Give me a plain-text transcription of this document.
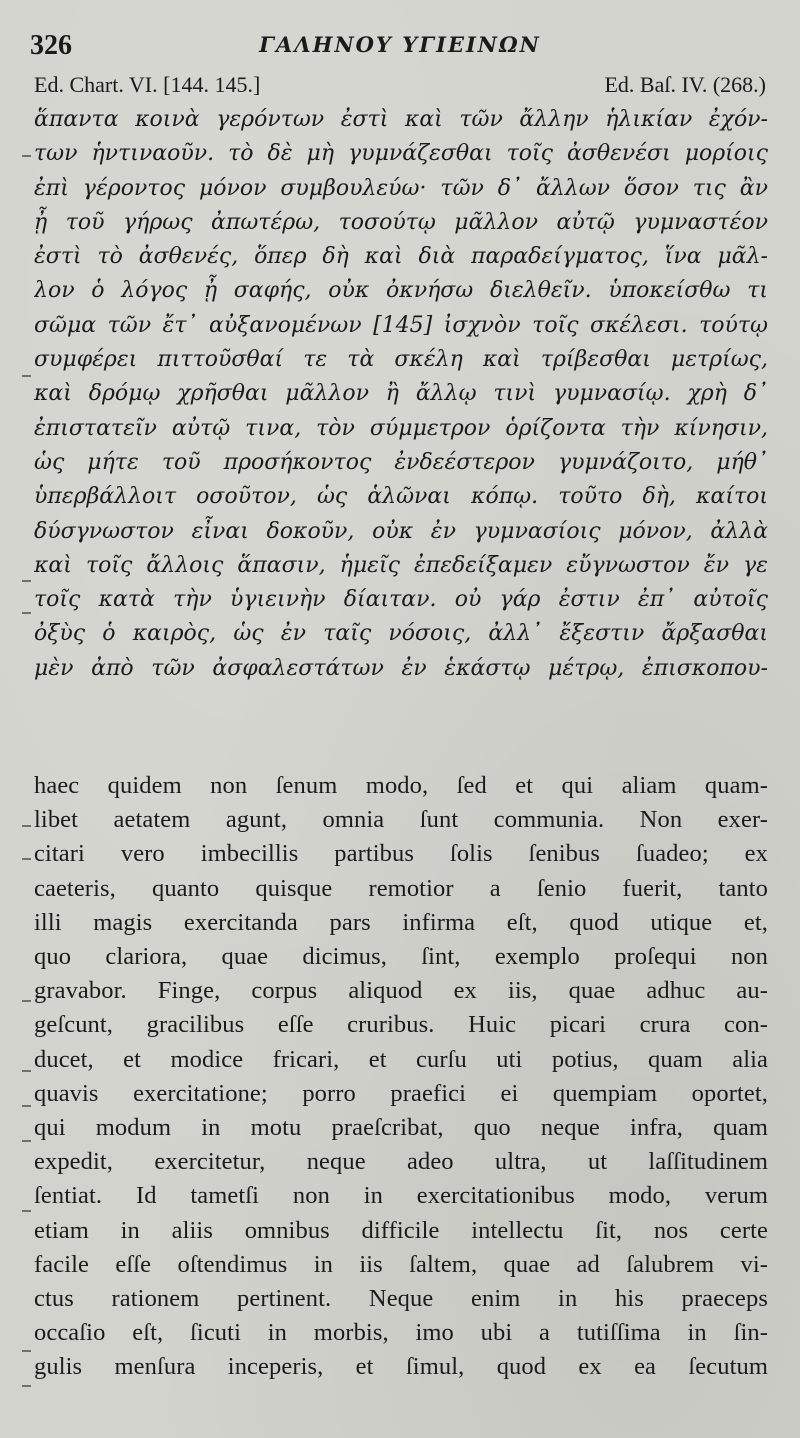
326	ΓΑΛΗΝΟΥ ΥΓΙΕΙΝΩΝ
Ed. Chart. VI. [144. 145.]	Ed. Baſ. IV. (268.)
ἅπαντα κοινὰ γερόντων ἐστὶ καὶ τῶν ἄλλην ἡλικίαν ἐχόν-
των ἡντιναοῦν. τὸ δὲ μὴ γυμνάζεσθαι τοῖς ἀσθενέσι μορίοις
ἐπὶ γέροντος μόνον συμβουλεύω· τῶν δ᾽ ἄλλων ὅσον τις ἂν
ᾖ τοῦ γήρως ἀπωτέρω, τοσούτῳ μᾶλλον αὐτῷ γυμναστέον
ἐστὶ τὸ ἀσθενές, ὅπερ δὴ καὶ διὰ παραδείγματος, ἵνα μᾶλ-
λον ὁ λόγος ᾖ σαφής, οὐκ ὀκνήσω διελθεῖν. ὑποκείσθω τι
σῶμα τῶν ἔτ᾽ αὐξανομένων [145] ἰσχνὸν τοῖς σκέλεσι. τούτῳ
συμφέρει πιττοῦσθαί τε τὰ σκέλη καὶ τρίβεσθαι μετρίως,
καὶ δρόμῳ χρῆσθαι μᾶλλον ἢ ἄλλῳ τινὶ γυμνασίῳ. χρὴ δ᾽
ἐπιστατεῖν αὐτῷ τινα, τὸν σύμμετρον ὁρίζοντα τὴν κίνησιν,
ὡς μήτε τοῦ προσήκοντος ἐνδεέστερον γυμνάζοιτο, μήθ᾽
ὑπερβάλλοιτ οσοῦτον, ὡς ἁλῶναι κόπῳ. τοῦτο δὴ, καίτοι
δύσγνωστον εἶναι δοκοῦν, οὐκ ἐν γυμνασίοις μόνον, ἀλλὰ
καὶ τοῖς ἄλλοις ἅπασιν, ἡμεῖς ἐπεδείξαμεν εὔγνωστον ἔν γε
τοῖς κατὰ τὴν ὑγιεινὴν δίαιταν. οὐ γάρ ἐστιν ἐπ᾽ αὐτοῖς
ὀξὺς ὁ καιρὸς, ὡς ἐν ταῖς νόσοις, ἀλλ᾽ ἔξεστιν ἄρξασθαι
μὲν ἀπὸ τῶν ἀσφαλεστάτων ἐν ἑκάστῳ μέτρῳ, ἐπισκοπου-
haec quidem non ſenum modo, ſed et qui aliam quam-
libet aetatem agunt, omnia ſunt communia. Non exer-
citari vero imbecillis partibus ſolis ſenibus ſuadeo; ex
caeteris, quanto quisque remotior a ſenio fuerit, tanto
illi magis exercitanda pars infirma eſt, quod utique et,
quo clariora, quae dicimus, ſint, exemplo proſequi non
gravabor. Finge, corpus aliquod ex iis, quae adhuc au-
geſcunt, gracilibus eſſe cruribus. Huic picari crura con-
ducet, et modice fricari, et curſu uti potius, quam alia
quavis exercitatione; porro praefici ei quempiam oportet,
qui modum in motu praeſcribat, quo neque infra, quam
expedit, exercitetur, neque adeo ultra, ut laſſitudinem
ſentiat. Id tametſi non in exercitationibus modo, verum
etiam in aliis omnibus difficile intellectu ſit, nos certe
facile eſſe oſtendimus in iis ſaltem, quae ad ſalubrem vi-
ctus rationem pertinent. Neque enim in his praeceps
occaſio eſt, ſicuti in morbis, imo ubi a tutiſſima in ſin-
gulis menſura inceperis, et ſimul, quod ex ea ſecutum
